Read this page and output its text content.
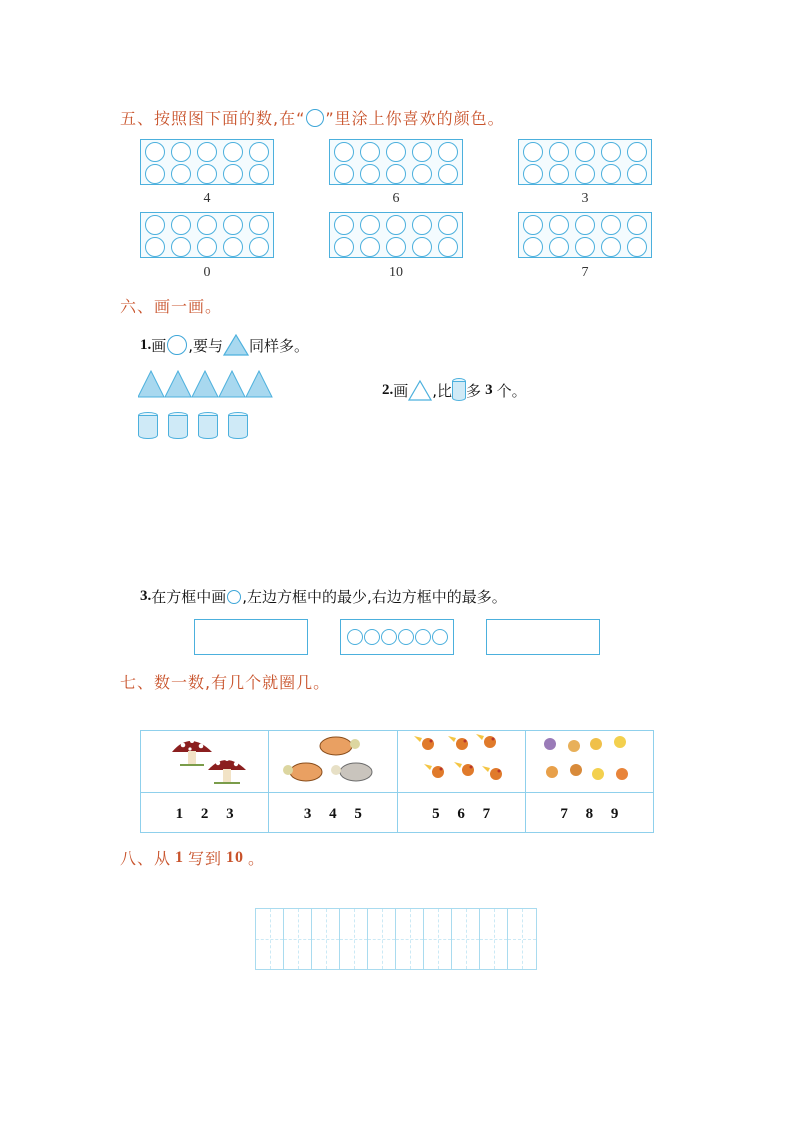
五、按照图下面的数,在“ ”里涂上你喜欢的颜色。
4	6	3
0	10	7
六、画一画。
1. 画 ,要与 同样多。
2. 画 ,比 多 3 个。
3. 在方框中画 ,左边方框中的最少,右边方框中的最多。
七、数一数,有几个就圈几。

1 2 3	3 4 5	5 6 7	7 8 9
八、从 1 写到 10 。
